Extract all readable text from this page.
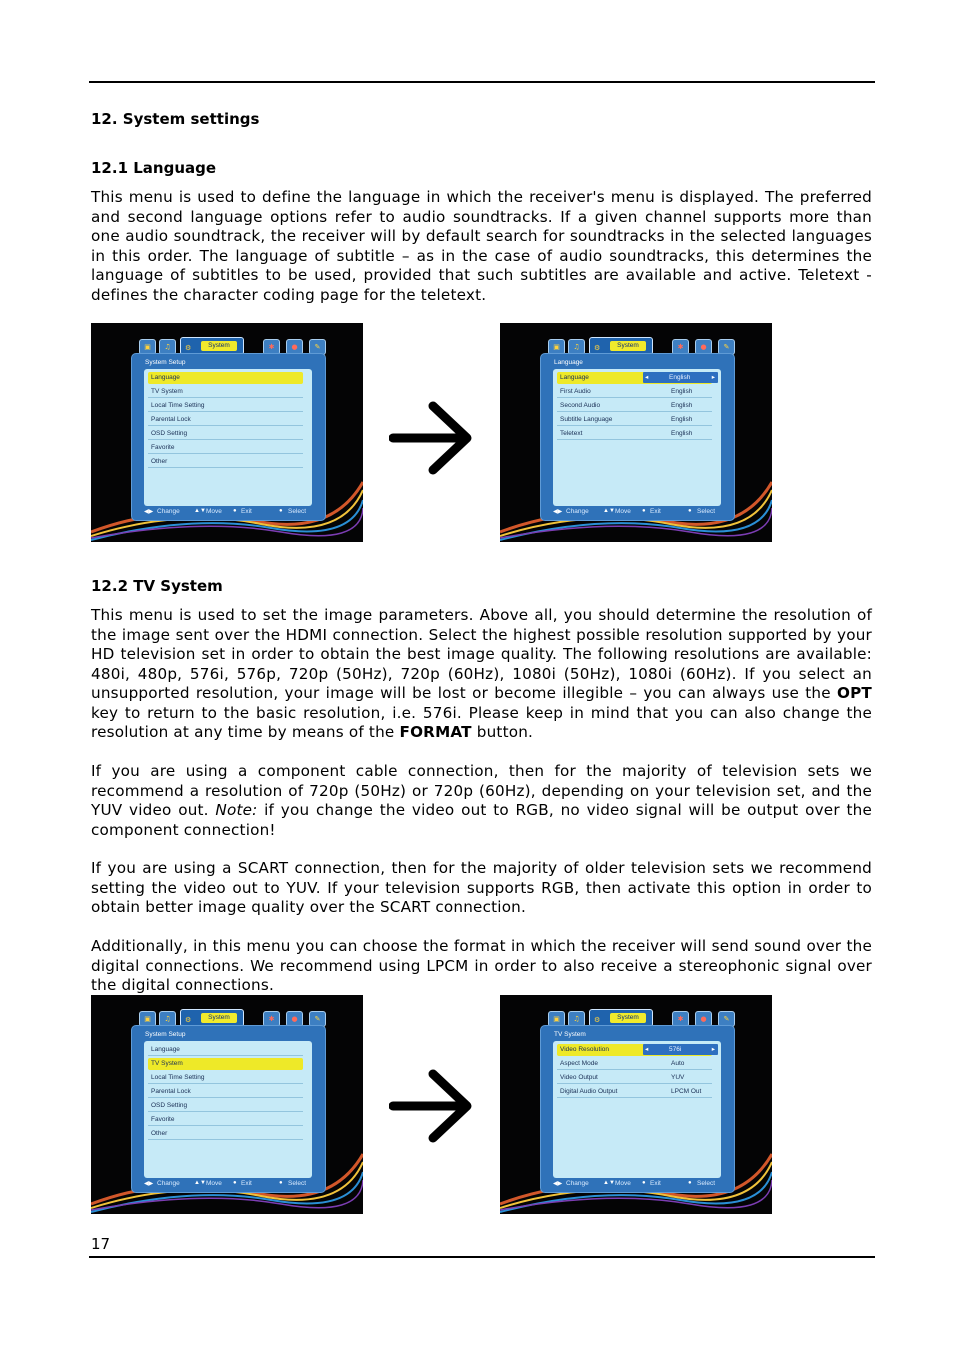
12. System settings
12.1 Language

This menu is used to define the language in which the receiver's menu is displayed. The preferred and second language options refer to audio soundtracks. If a given channel supports more than one audio soundtrack, the receiver will by default search for soundtracks in the selected languages in this order. The language of subtitle – as in the case of audio soundtracks, this determines the language of subtitles to be used, provided that such subtitles are available and active. Teletext - defines the character coding page for the teletext.

▣	♫	⚙	System	✱	●	✎
System Setup
Language
TV System
Local Time Setting
Parental Lock
OSD Setting
Favorite
Other
◀▶ Change ▲▼ Move ● Exit	● Select
▣	♫	⚙	System	✱	●	✎
Language
Language	◂	English	▸
First Audio	English
Second Audio	English
Subtitle Language	English
Teletext	English
◀▶ Change ▲▼ Move ● Exit	● Select
12.2 TV System

This menu is used to set the image parameters. Above all, you should determine the resolution of the image sent over the HDMI connection. Select the highest possible resolution supported by your HD television set in order to obtain the best image quality. The following resolutions are available: 480i, 480p, 576i, 576p, 720p (50Hz), 720p (60Hz), 1080i (50Hz), 1080i (60Hz). If you select an unsupported resolution, your image will be lost or become illegible – you can always use the OPT key to return to the basic resolution, i.e. 576i. Please keep in mind that you can also change the resolution at any time by means of the FORMAT button.

If you are using a component cable connection, then for the majority of television sets we recommend a resolution of 720p (50Hz) or 720p (60Hz), depending on your television set, and the YUV video out. Note: if you change the video out to RGB, no video signal will be output over the component connection!

If you are using a SCART connection, then for the majority of older television sets we recommend setting the video out to YUV. If your television supports RGB, then activate this option in order to obtain better image quality over the SCART connection.

Additionally, in this menu you can choose the format in which the receiver will send sound over the digital connections. We recommend using LPCM in order to also receive a stereophonic signal over the digital connections.

▣	♫	⚙	System	✱	●	✎
System Setup
Language
TV System
Local Time Setting
Parental Lock
OSD Setting
Favorite
Other
◀▶ Change ▲▼ Move ● Exit	● Select
▣	♫	⚙	System	✱	●	✎
TV System
Video Resolution	◂	576i	▸
Aspect Mode	Auto
Video Output	YUV
Digital Audio Output	LPCM Out
◀▶ Change ▲▼ Move ● Exit	● Select
17
